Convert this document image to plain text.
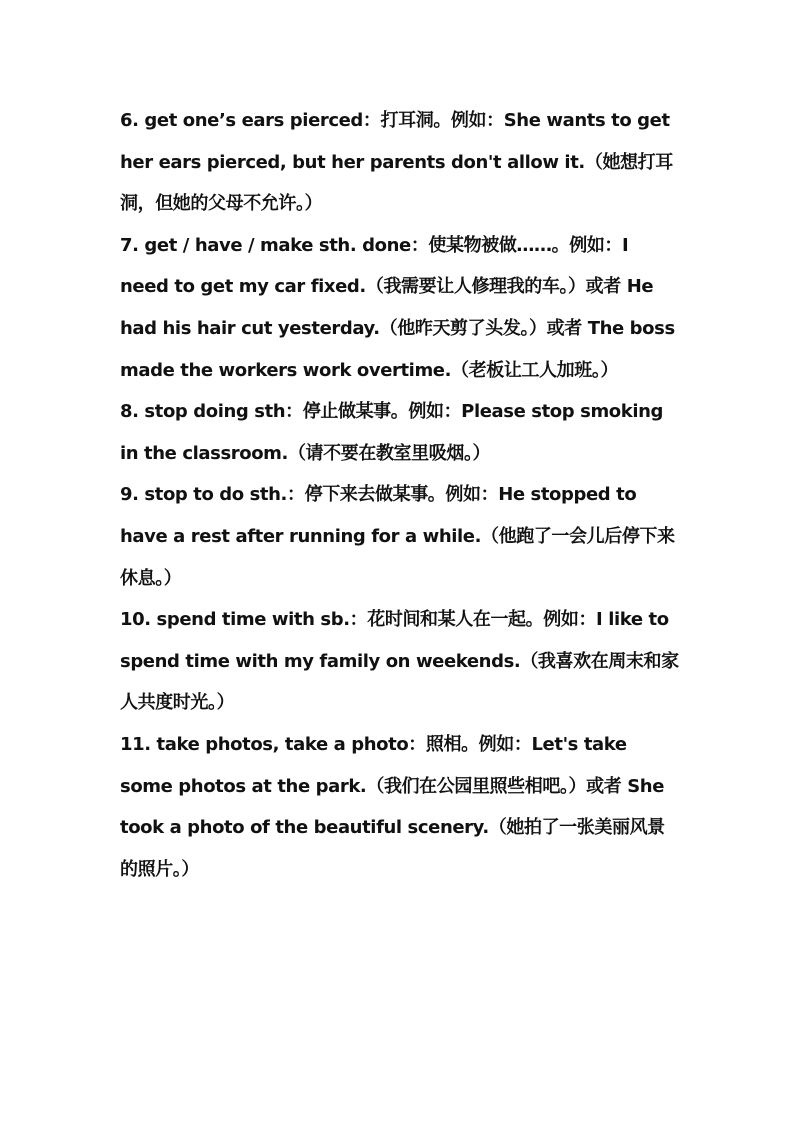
6. get one’s ears pierced：打耳洞。例如：She wants to get her ears pierced, but her parents don't allow it.（她想打耳洞，但她的父母不允许。）

7. get / have / make sth. done：使某物被做……。例如：I need to get my car fixed.（我需要让人修理我的车。）或者 He had his hair cut yesterday.（他昨天剪了头发。）或者 The boss made the workers work overtime.（老板让工人加班。）

8. stop doing sth：停止做某事。例如：Please stop smoking in the classroom.（请不要在教室里吸烟。）

9. stop to do sth.：停下来去做某事。例如：He stopped to have a rest after running for a while.（他跑了一会儿后停下来休息。）

10. spend time with sb.：花时间和某人在一起。例如：I like to spend time with my family on weekends.（我喜欢在周末和家人共度时光。）

11. take photos, take a photo：照相。例如：Let's take some photos at the park.（我们在公园里照些相吧。）或者 She took a photo of the beautiful scenery.（她拍了一张美丽风景的照片。）
